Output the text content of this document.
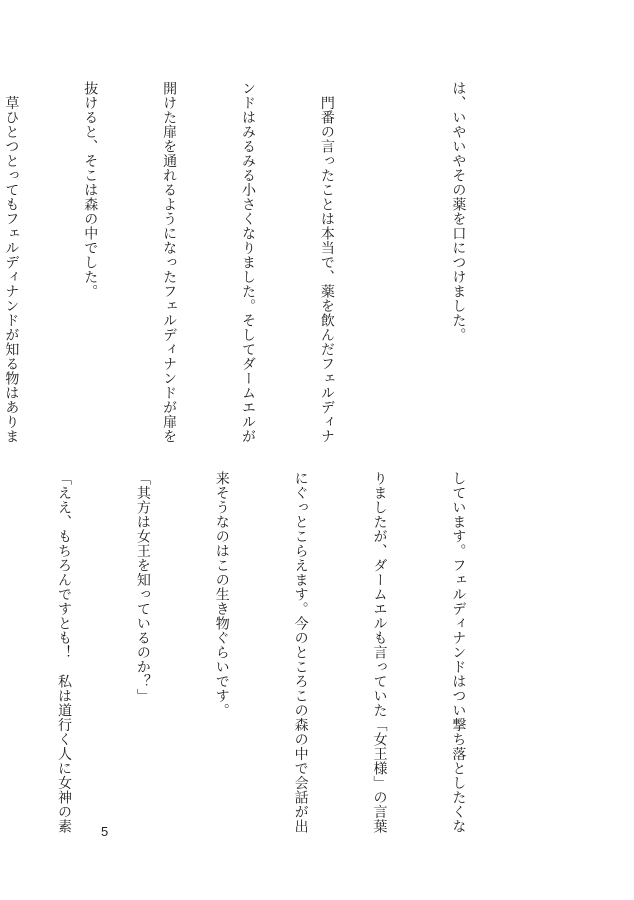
は、いやいやその薬を口につけました。

　門番の言ったことは本当で、薬を飲んだフェルディナ

ンドはみるみる小さくなりました。そしてダームエルが

開けた扉を通れるようになったフェルディナンドが扉を

抜けると、そこは森の中でした。

　草ひとつとってもフェルディナンドが知る物はありま

しています。フェルディナンドはつい撃ち落としたくな

りましたが、ダームエルも言っていた「女王様」の言葉

にぐっとこらえます。今のところこの森の中で会話が出

来そうなのはこの生き物ぐらいです。

「其方は女王を知っているのか？」

「ええ、もちろんですとも！　私は道行く人に女神の素

	5
